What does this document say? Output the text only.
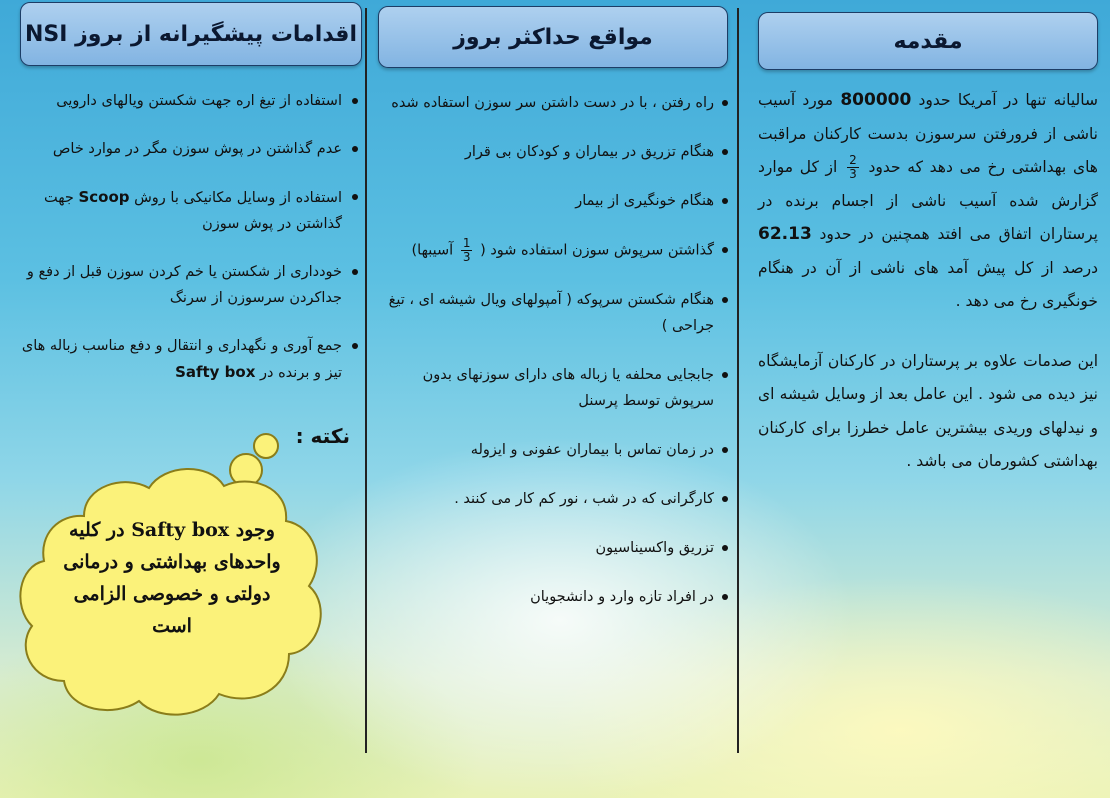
مقدمه

سالیانه تنها در آمریکا حدود 800000 مورد آسیب ناشی از فرورفتن سرسوزن بدست کارکنان مراقبت های بهداشتی رخ می دهد که حدود
$\frac{2}{3}$
از کل موارد گزارش شده آسیب ناشی از اجسام برنده در پرستاران اتفاق می افتد همچنین در حدود 62.13 درصد از کل پیش آمد های ناشی از آن در هنگام خونگیری رخ می دهد .

این صدمات علاوه بر پرستاران در کارکنان آزمایشگاه نیز دیده می شود . این عامل بعد از وسایل شیشه ای و نیدلهای وریدی بیشترین عامل خطرزا برای کارکنان بهداشتی کشورمان می باشد .

مواقع حداکثر بروز
راه رفتن ، با در دست داشتن سر سوزن استفاده شده
هنگام تزریق در بیماران و کودکان بی قرار
هنگام خونگیری از بیمار
گذاشتن سرپوش سوزن استفاده شود (
$\frac{1}{3}$
آسیبها)
هنگام شکستن سرپوکه ( آمپولهای ویال شیشه ای ، تیغ جراحی )
جابجایی محلفه یا زباله های دارای سوزنهای بدون سرپوش توسط پرسنل
در زمان تماس با بیماران عفونی و ایزوله
کارگرانی که در شب ، نور کم کار می کنند .
تزریق واکسیناسیون
در افراد تازه وارد و دانشجویان
اقدامات پیشگیرانه از بروز NSI
استفاده از تیغ اره جهت شکستن ویالهای دارویی
عدم گذاشتن در پوش سوزن مگر در موارد خاص
استفاده از وسایل مکانیکی با روش Scoop جهت گذاشتن در پوش سوزن
خودداری از شکستن یا خم کردن سوزن قبل از دفع و جداکردن سرسوزن از سرنگ
جمع آوری و نگهداری و انتقال و دفع مناسب زباله های تیز و برنده در Safty box
نکته :
وجود Safty box در کلیه واحدهای بهداشتی و درمانی دولتی و خصوصی الزامی است
